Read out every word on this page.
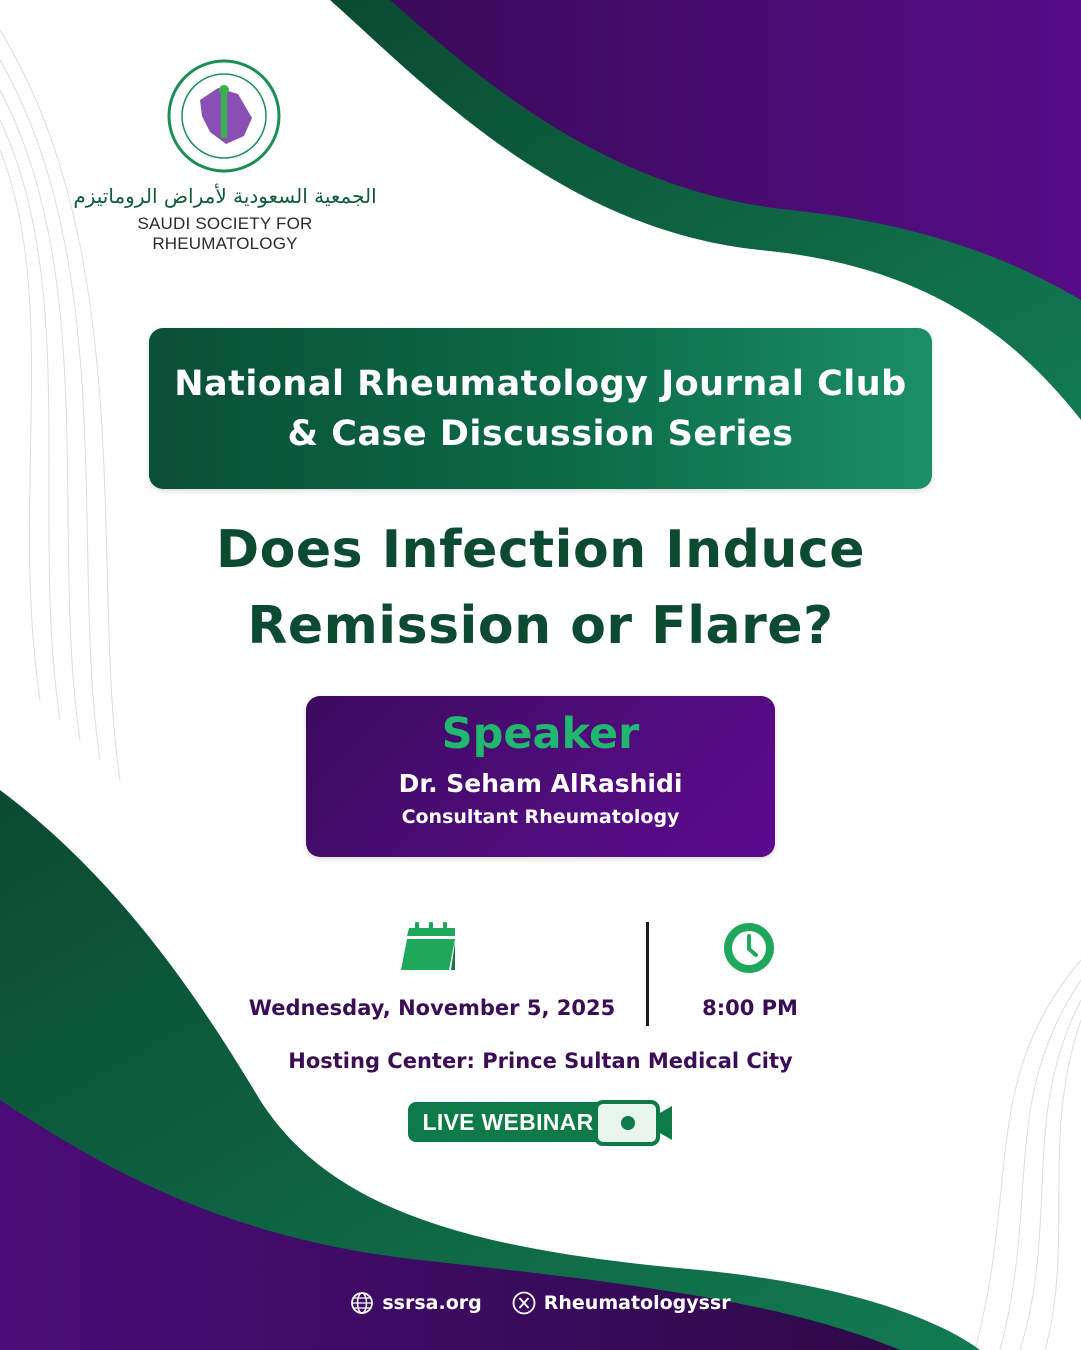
الجمعية السعودية لأمراض الروماتيزم
SAUDI SOCIETY FOR RHEUMATOLOGY
National Rheumatology Journal Club
& Case Discussion Series
Does Infection Induce
Remission or Flare?
Speaker
Dr. Seham AlRashidi
Consultant Rheumatology
Wednesday, November 5, 2025	8:00 PM
Hosting Center: Prince Sultan Medical City
LIVE WEBINAR
ssrsa.org	Rheumatologyssr
